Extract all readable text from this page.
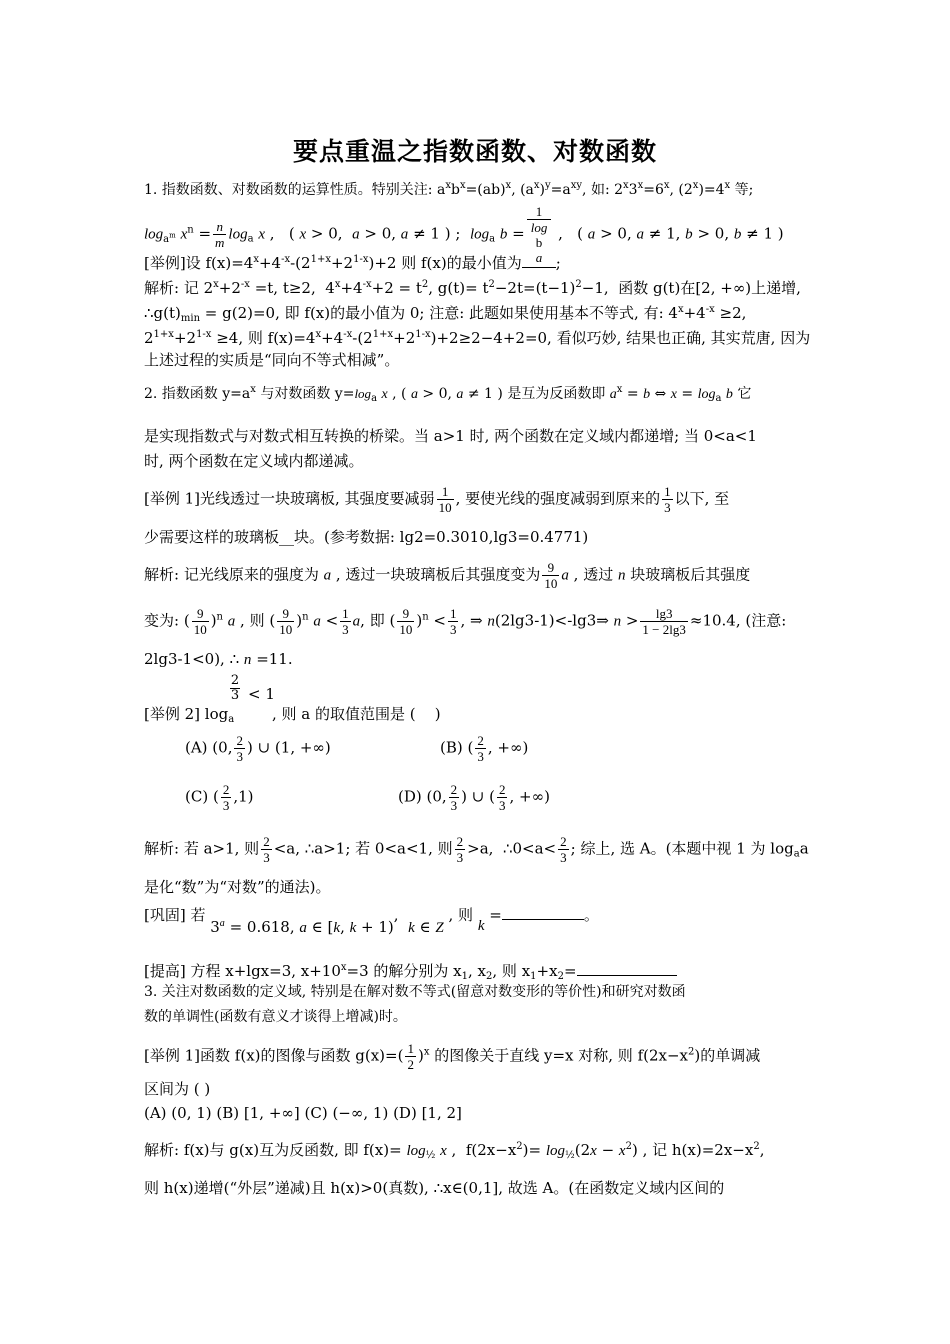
要点重温之指数函数、对数函数
1. 指数函数、对数函数的运算性质。特别关注: $a^xb^x=(ab)^x$, $(a^x)^y=a^{xy}$, 如: $2^x3^x=6^x$, $(2^x)=4^x$ 等;
$\log_{a^m} x^n = \frac{n}{m} \log_a x$ ,   ( x > 0,  a > 0, a ≠ 1 ) ;  $\log_a b = 1$
log
b
a ,   ( a > 0, a ≠ 1, b > 0, b ≠ 1 )
[举例]设 $f(x)=4^x+4^{-x}-(2^{1+x}+2^{1-x})+2$ 则 f(x)的最小值为 ;
解析: 记 $2^x+2^{-x} =t$, t≥2,  $4^x+4^{-x}+2 = t^2$, $g(t)= t^2-2t=(t-1)^2-1$,  函数 g(t)在[2, +∞)上递增,
$\therefore g(t)_{min} = g(2)=0$, 即 f(x)的最小值为 0; 注意: 此题如果使用基本不等式, 有: $4^x+4^{-x} \ge 2$,
$2^{1+x}+2^{1-x} \ge 4$, 则 $f(x)=4^x+4^{-x}-(2^{1+x}+2^{1-x})+2\ge 2-4+2=0$, 看似巧妙, 结果也正确, 其实荒唐, 因为
上述过程的实质是“同向不等式相减”。
2. 指数函数 $y=a^x$ 与对数函数 $y=\log_a$ x , ( a > 0, a ≠ 1 ) 是互为反函数即 $a^x = b$ ⇔ $x = \log_a b$ 它
是实现指数式与对数式相互转换的桥梁。当 a>1 时, 两个函数在定义域内都递增; 当 0<a<1
时, 两个函数在定义域内都递减。
[举例 1]光线透过一块玻璃板, 其强度要减弱 $\frac{1}{10}$ , 要使光线的强度减弱到原来的 $\frac{1}{3}$ 以下, 至
少需要这样的玻璃板__块。(参考数据: lg2=0.3010,lg3=0.4771)
解析: 记光线原来的强度为 a , 透过一块玻璃板后其强度变为 $\frac{9}{10}$ a , 透过 n 块玻璃板后其强度
变为: ( $\frac{9}{10} )^n$ a , 则 ( $\frac{9}{10} )^n$ $a < \frac{1}{3} a$, 即 ( $\frac{9}{10} )^n < \frac{1}{3}$ , ⇒ n(2lg3-1)<-lg3⇒ $n > \frac{\lg 3}{1 - 2\lg 3} \approx 10.4$, (注意:
2lg3-1<0), ∴ n =11.
2
3 < 1
[举例 2] $\log_a$	, 则 a 的取值范围是 (    )
(A) (0, $\frac{2}{3}$ ) ∪ (1, +∞)	(B) ( $\frac{2}{3}$ , +∞)
(C) ( $\frac{2}{3} ,1$)	(D) (0, $\frac{2}{3}$ ) ∪ ( $\frac{2}{3}$ , +∞)
解析: 若 a>1, 则 $\frac{2}{3} <a$, ∴a>1; 若 0<a<1, 则 $\frac{2}{3} >a$,  ∴0<a< $\frac{2}{3}$ ; 综上, 选 A。(本题中视 1 为 $\log_aa$
是化“数”为“对数”的通法)。
[巩固] 若 $3^a = 0.618$, a ∈ [k, k + 1),  k ∈ Z , 则 k =	。
[提高] 方程 x+lgx=3, $x+10^x=3$ 的解分别为 $x_1$, $x_2$, 则 $x_1+x_2=$
3. 关注对数函数的定义域, 特别是在解对数不等式(留意对数变形的等价性)和研究对数函
数的单调性(函数有意义才谈得上增减)时。
[举例 1]函数 f(x)的图像与函数 $g(x)=( \frac{1}{2} )^x$ 的图像关于直线 y=x 对称, 则 $f(2x-x^2)$的单调减
区间为 ( )
(A) (0, 1) (B) [1, +∞] (C) (−∞, 1) (D) [1, 2]
解析: f(x)与 g(x)互为反函数, 即 $f(x)= \log_{\frac{1}{2}} x$ ,  $f(2x-x^2)= \log_{\frac{1}{2}}(2x - x^2)$ , 记 $h(x)=2x-x^2$,
则 h(x)递增(“外层”递减)且 h(x)>0(真数), ∴x∈(0,1], 故选 A。(在函数定义域内区间的
